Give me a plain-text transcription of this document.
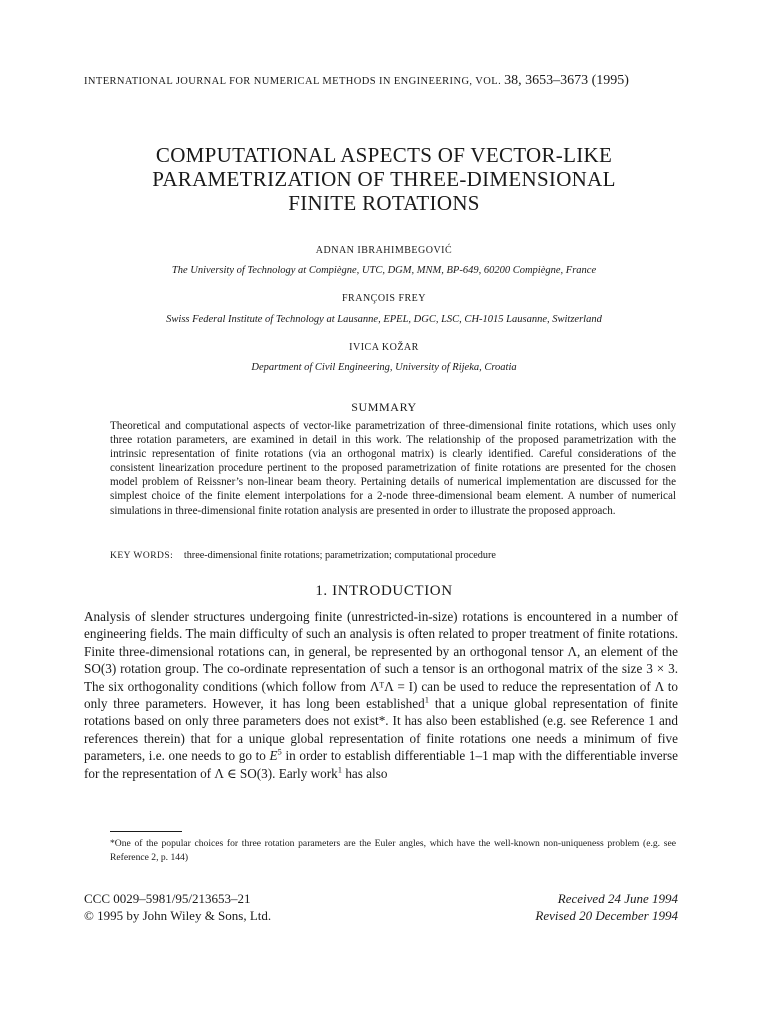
INTERNATIONAL JOURNAL FOR NUMERICAL METHODS IN ENGINEERING, VOL. 38, 3653–3673 (1995)
COMPUTATIONAL ASPECTS OF VECTOR-LIKE
PARAMETRIZATION OF THREE-DIMENSIONAL
FINITE ROTATIONS
ADNAN IBRAHIMBEGOVIĆ
The University of Technology at Compiègne, UTC, DGM, MNM, BP-649, 60200 Compiègne, France
FRANÇOIS FREY
Swiss Federal Institute of Technology at Lausanne, EPEL, DGC, LSC, CH-1015 Lausanne, Switzerland
IVICA KOŽAR
Department of Civil Engineering, University of Rijeka, Croatia
SUMMARY
Theoretical and computational aspects of vector-like parametrization of three-dimensional finite rotations, which uses only three rotation parameters, are examined in detail in this work. The relationship of the proposed parametrization with the intrinsic representation of finite rotations (via an orthogonal matrix) is clearly identified. Careful considerations of the consistent linearization procedure pertinent to the proposed parametrization of finite rotations are presented for the chosen model problem of Reissner’s non-linear beam theory. Pertaining details of numerical implementation are discussed for the simplest choice of the finite element interpolations for a 2-node three-dimensional beam element. A number of numerical simulations in three-dimensional finite rotation analysis are presented in order to illustrate the proposed approach.
KEY WORDS: three-dimensional finite rotations; parametrization; computational procedure
1. INTRODUCTION
Analysis of slender structures undergoing finite (unrestricted-in-size) rotations is encountered in a number of engineering fields. The main difficulty of such an analysis is often related to proper treatment of finite rotations. Finite three-dimensional rotations can, in general, be represented by an orthogonal tensor Λ, an element of the SO(3) rotation group. The co-ordinate representation of such a tensor is an orthogonal matrix of the size 3 × 3. The six orthogonality conditions (which follow from ΛᵀΛ = I) can be used to reduce the representation of Λ to only three parameters. However, it has long been established$^1$ that a unique global representation of finite rotations based on only three parameters does not exist*. It has also been established (e.g. see Reference 1 and references therein) that for a unique global representation of finite rotations one needs a minimum of five parameters, i.e. one needs to go to $E^5$ in order to establish differentiable 1–1 map with the differentiable inverse for the representation of Λ ∈ SO(3). Early work$^1$ has also
*One of the popular choices for three rotation parameters are the Euler angles, which have the well-known non-uniqueness problem (e.g. see Reference 2, p. 144)
CCC 0029–5981/95/213653–21
© 1995 by John Wiley & Sons, Ltd.
Received 24 June 1994
Revised 20 December 1994
